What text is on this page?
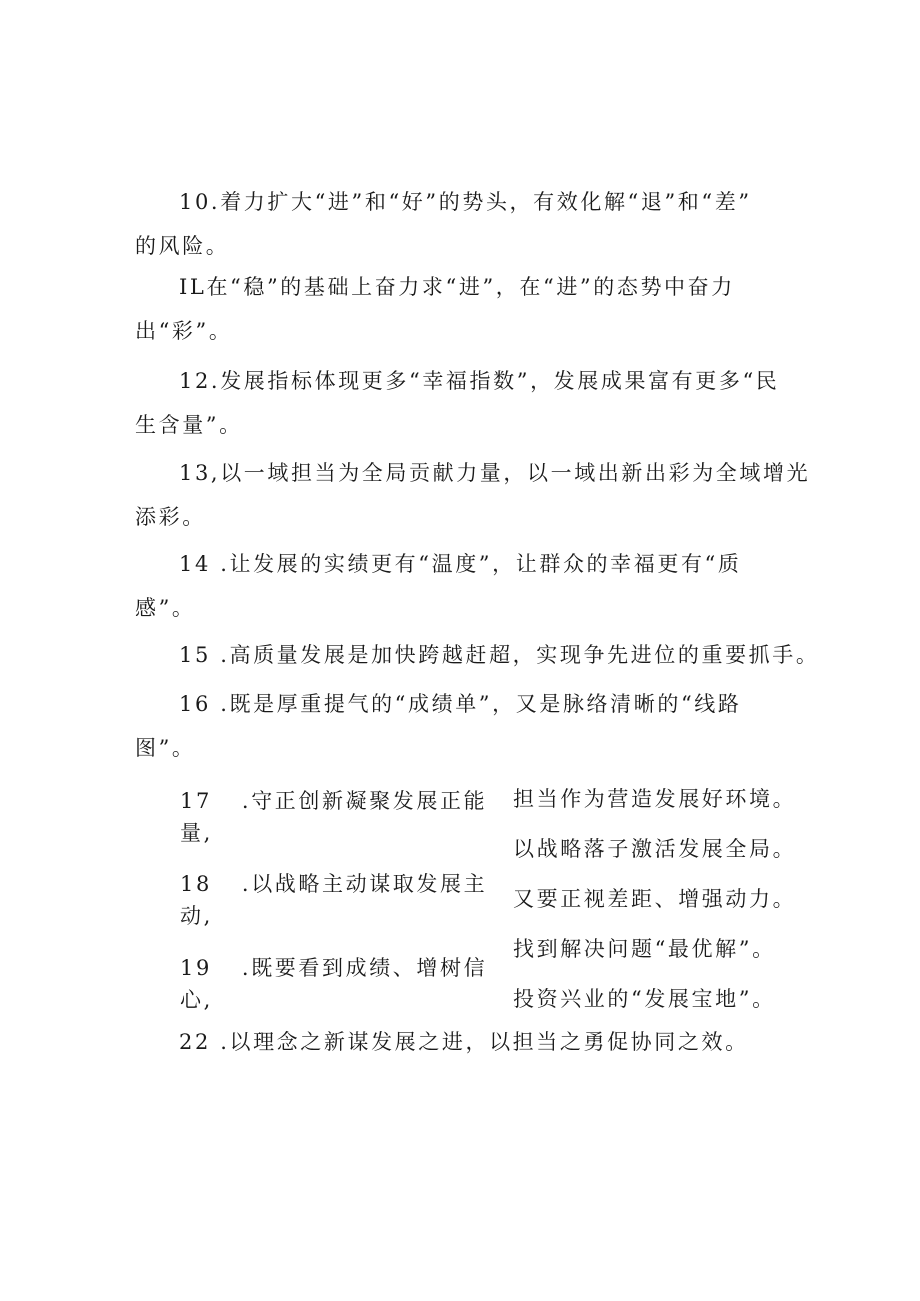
10.着力扩大“进”和“好”的势头，有效化解“退”和“差”
的风险。
IL在“稳”的基础上奋力求“进”，在“进”的态势中奋力
出“彩”。
12.发展指标体现更多“幸福指数”，发展成果富有更多“民
生含量”。
13,以一域担当为全局贡献力量，以一域出新出彩为全域增光
添彩。
14 .让发展的实绩更有“温度”，让群众的幸福更有“质
感”。
15 .高质量发展是加快跨越赶超，实现争先进位的重要抓手。
16 .既是厚重提气的“成绩单”，又是脉络清晰的“线路
图”。
17 .守正创新凝聚发展正能
量,
18 .以战略主动谋取发展主
动,
19 .既要看到成绩、增树信
心,
担当作为营造发展好环境。
以战略落子激活发展全局。
又要正视差距、增强动力。
找到解决问题“最优解”。
投资兴业的“发展宝地”。
22 .以理念之新谋发展之进，以担当之勇促协同之效。
